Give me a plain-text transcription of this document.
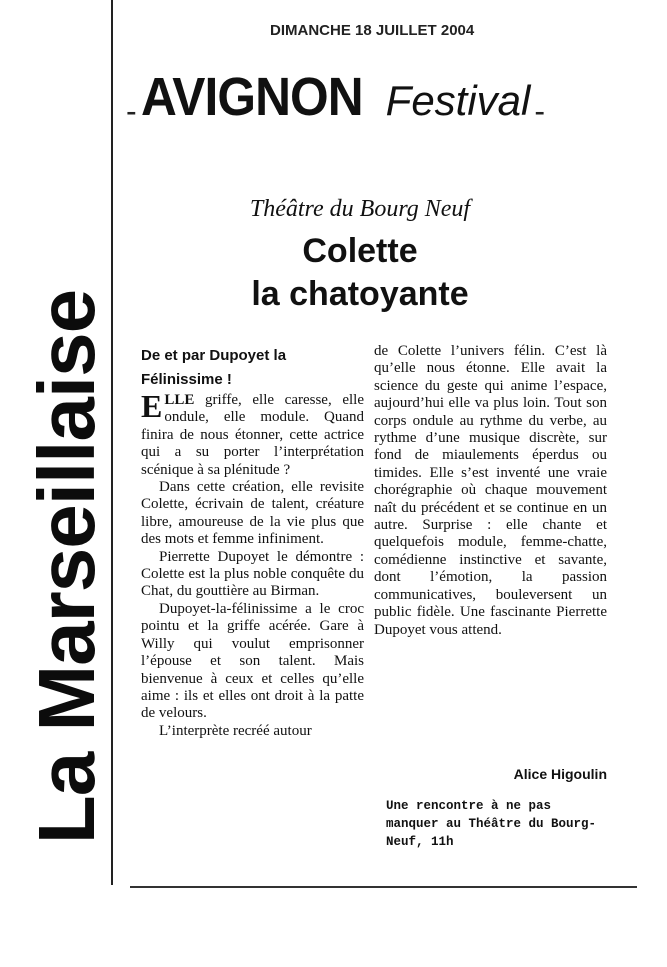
La Marseillaise
DIMANCHE 18 JUILLET 2004
- AVIGNON Festival -
Théâtre du Bourg Neuf
Colette
la chatoyante
De et par Dupoyet la Félinissime !

ELLE griffe, elle caresse, elle ondule, elle module. Quand finira de nous étonner, cette actrice qui a su porter l’interprétation scénique à sa plénitude ?

Dans cette création, elle revisite Colette, écrivain de talent, créature libre, amoureuse de la vie plus que des mots et femme infiniment.

Pierrette Dupoyet le démontre : Colette est la plus noble conquête du Chat, du gouttière au Birman.

Dupoyet-la-félinissime a le croc pointu et la griffe acérée. Gare à Willy qui voulut emprisonner l’épouse et son talent. Mais bienvenue à ceux et celles qu’elle aime : ils et elles ont droit à la patte de velours.

L’interprète recréé autour

de Colette l’univers félin. C’est là qu’elle nous étonne. Elle avait la science du geste qui anime l’espace, aujourd’hui elle va plus loin. Tout son corps ondule au rythme du verbe, au rythme d’une musique discrète, sur fond de miaulements éperdus ou timides. Elle s’est inventé une vraie chorégraphie où chaque mouvement naît du précédent et se continue en un autre. Surprise : elle chante et quelquefois module, femme-chatte, comédienne instinctive et savante, dont l’émotion, la passion communicatives, bouleversent un public fidèle. Une fascinante Pierrette Dupoyet vous attend.

Alice Higoulin
Une rencontre à ne pas manquer au Théâtre du Bourg-Neuf, 11h
